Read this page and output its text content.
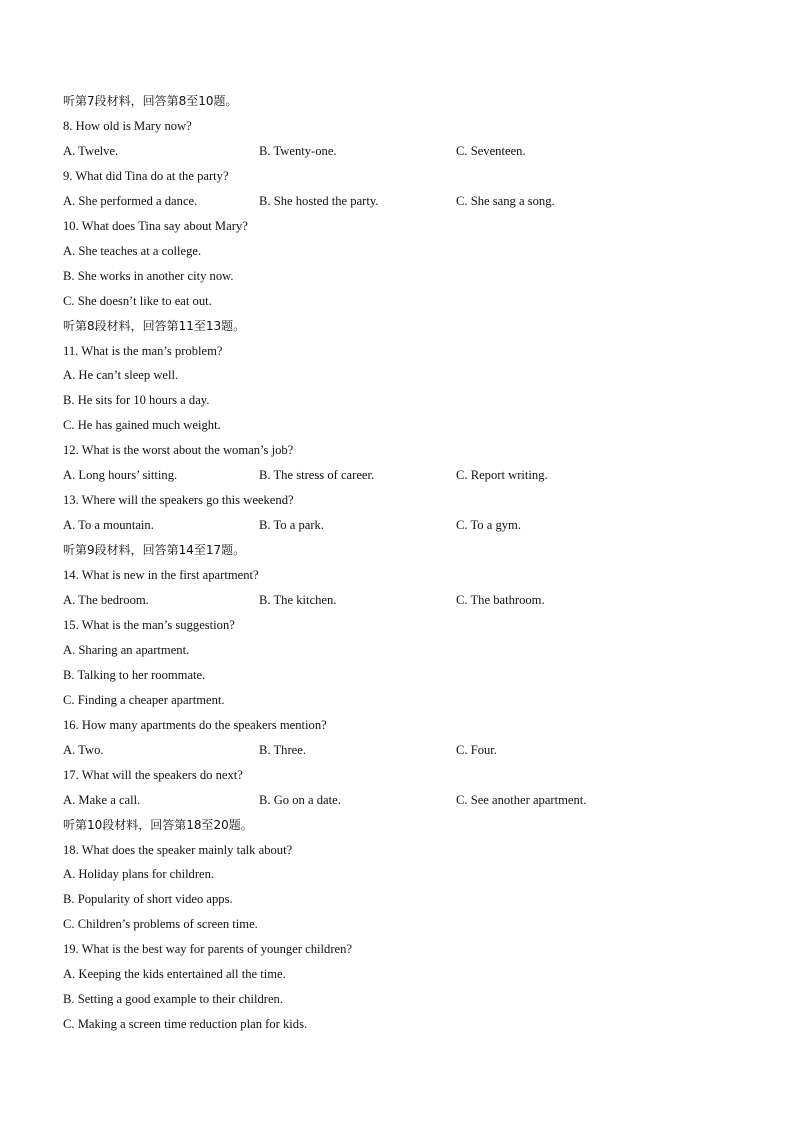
听第7段材料，回答第8至10题。
8. How old is Mary now?
A. Twelve.	B. Twenty-one.	C. Seventeen.
9. What did Tina do at the party?
A. She performed a dance.	B. She hosted the party.	C. She sang a song.
10. What does Tina say about Mary?
A. She teaches at a college.
B. She works in another city now.
C. She doesn’t like to eat out.
听第8段材料，回答第11至13题。
11. What is the man’s problem?
A. He can’t sleep well.
B. He sits for 10 hours a day.
C. He has gained much weight.
12. What is the worst about the woman’s job?
A. Long hours’ sitting.	B. The stress of career.	C. Report writing.
13. Where will the speakers go this weekend?
A. To a mountain.	B. To a park.	C. To a gym.
听第9段材料，回答第14至17题。
14. What is new in the first apartment?
A. The bedroom.	B. The kitchen.	C. The bathroom.
15. What is the man’s suggestion?
A. Sharing an apartment.
B. Talking to her roommate.
C. Finding a cheaper apartment.
16. How many apartments do the speakers mention?
A. Two.	B. Three.	C. Four.
17. What will the speakers do next?
A. Make a call.	B. Go on a date.	C. See another apartment.
听第10段材料，回答第18至20题。
18. What does the speaker mainly talk about?
A. Holiday plans for children.
B. Popularity of short video apps.
C. Children’s problems of screen time.
19. What is the best way for parents of younger children?
A. Keeping the kids entertained all the time.
B. Setting a good example to their children.
C. Making a screen time reduction plan for kids.
